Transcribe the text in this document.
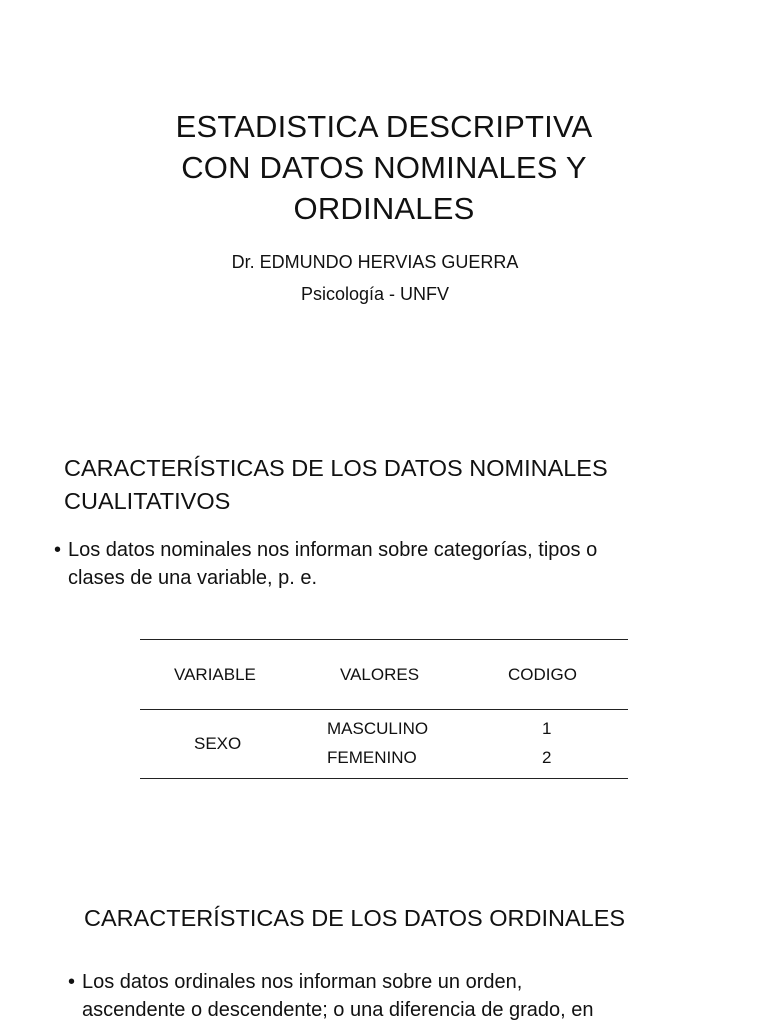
ESTADISTICA DESCRIPTIVA
CON DATOS NOMINALES Y
ORDINALES

Dr. EDMUNDO HERVIAS GUERRA
Psicología - UNFV

CARACTERÍSTICAS DE LOS DATOS NOMINALES
CUALITATIVOS

• Los datos nominales nos informan sobre categorías, tipos o
clases de una variable, p. e.

VARIABLE	VALORES	CODIGO
SEXO
MASCULINO
FEMENINO
1
2
CARACTERÍSTICAS DE LOS DATOS ORDINALES

• Los datos ordinales nos informan sobre un orden,
ascendente o descendente; o una diferencia de grado, en
